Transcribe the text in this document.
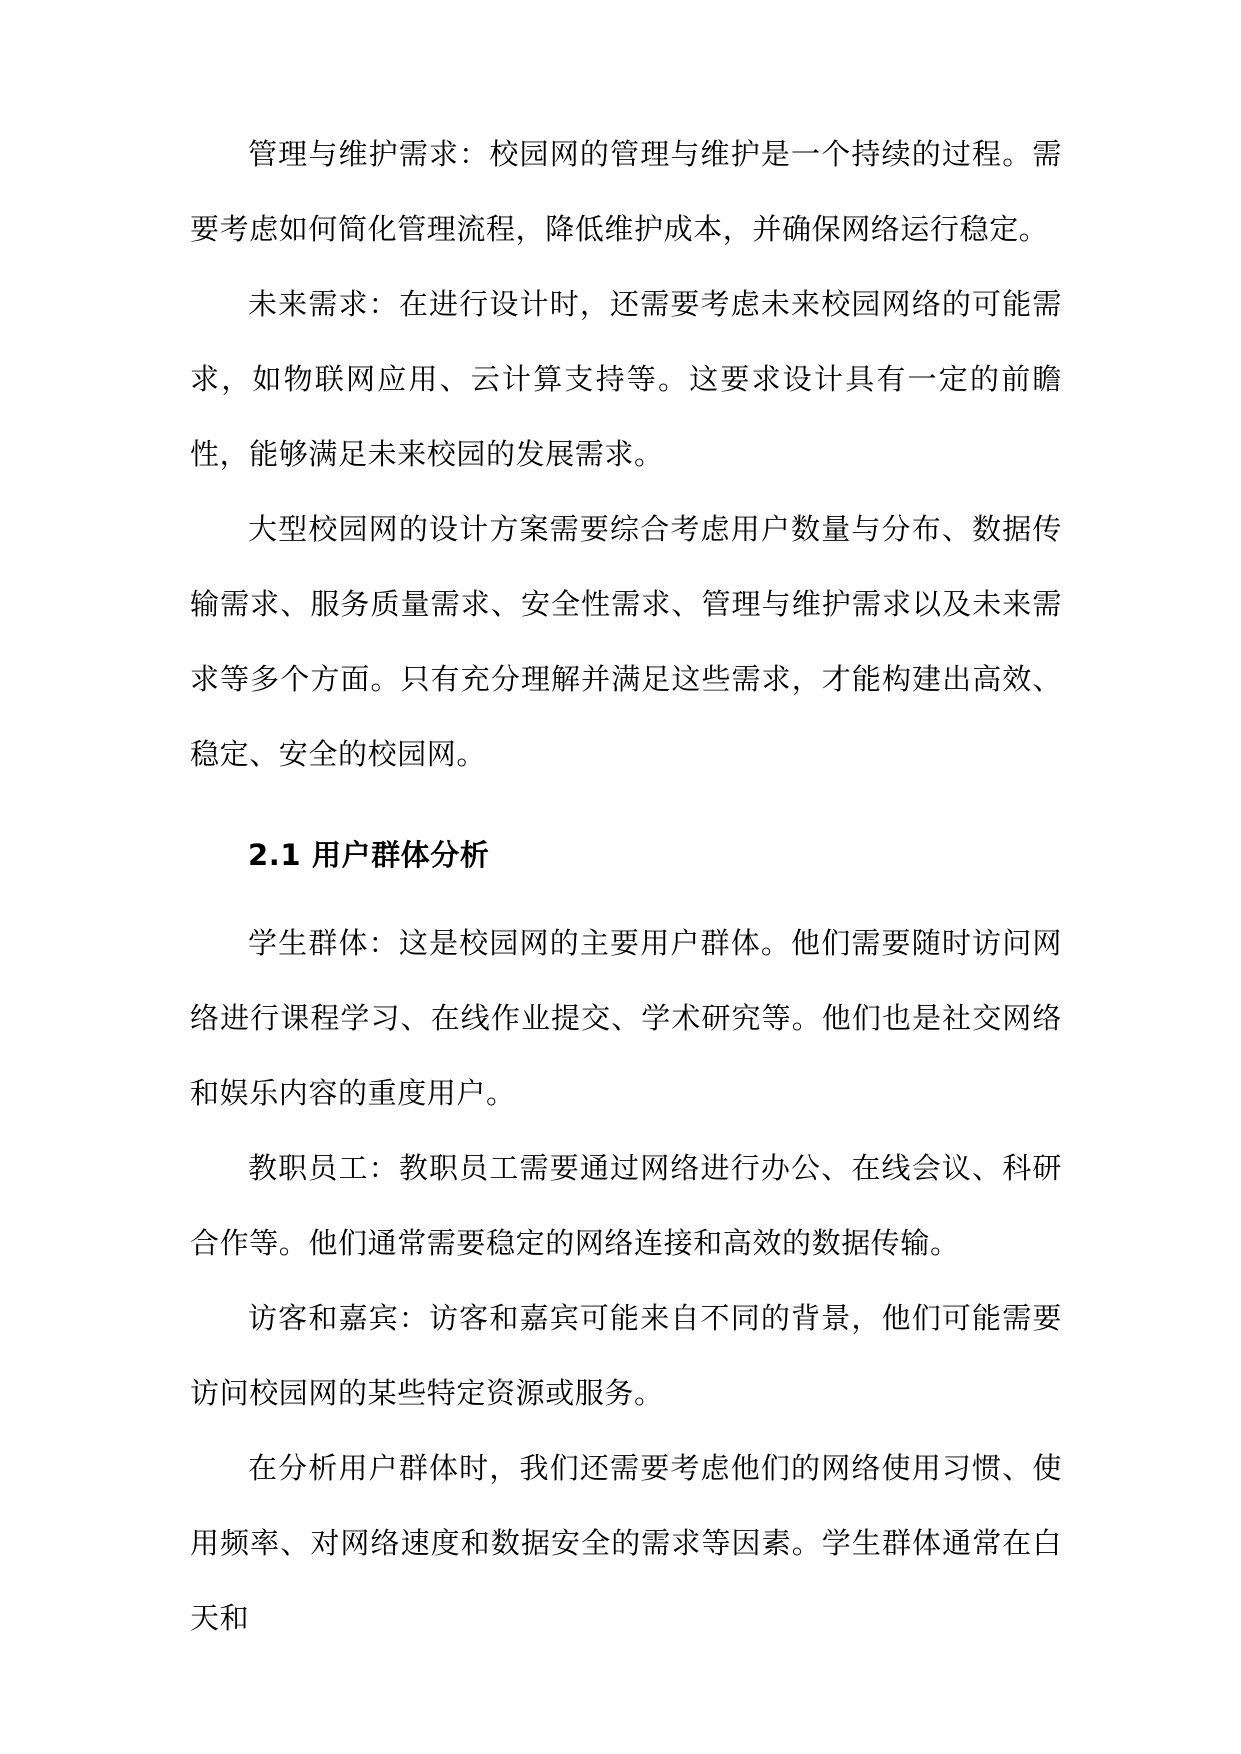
管理与维护需求：校园网的管理与维护是一个持续的过程。需要考虑如何简化管理流程，降低维护成本，并确保网络运行稳定。

未来需求：在进行设计时，还需要考虑未来校园网络的可能需求，如物联网应用、云计算支持等。这要求设计具有一定的前瞻性，能够满足未来校园的发展需求。

大型校园网的设计方案需要综合考虑用户数量与分布、数据传输需求、服务质量需求、安全性需求、管理与维护需求以及未来需求等多个方面。只有充分理解并满足这些需求，才能构建出高效、稳定、安全的校园网。

2.1 用户群体分析

学生群体：这是校园网的主要用户群体。他们需要随时访问网络进行课程学习、在线作业提交、学术研究等。他们也是社交网络和娱乐内容的重度用户。

教职员工：教职员工需要通过网络进行办公、在线会议、科研合作等。他们通常需要稳定的网络连接和高效的数据传输。

访客和嘉宾：访客和嘉宾可能来自不同的背景，他们可能需要访问校园网的某些特定资源或服务。

在分析用户群体时，我们还需要考虑他们的网络使用习惯、使用频率、对网络速度和数据安全的需求等因素。学生群体通常在白天和
